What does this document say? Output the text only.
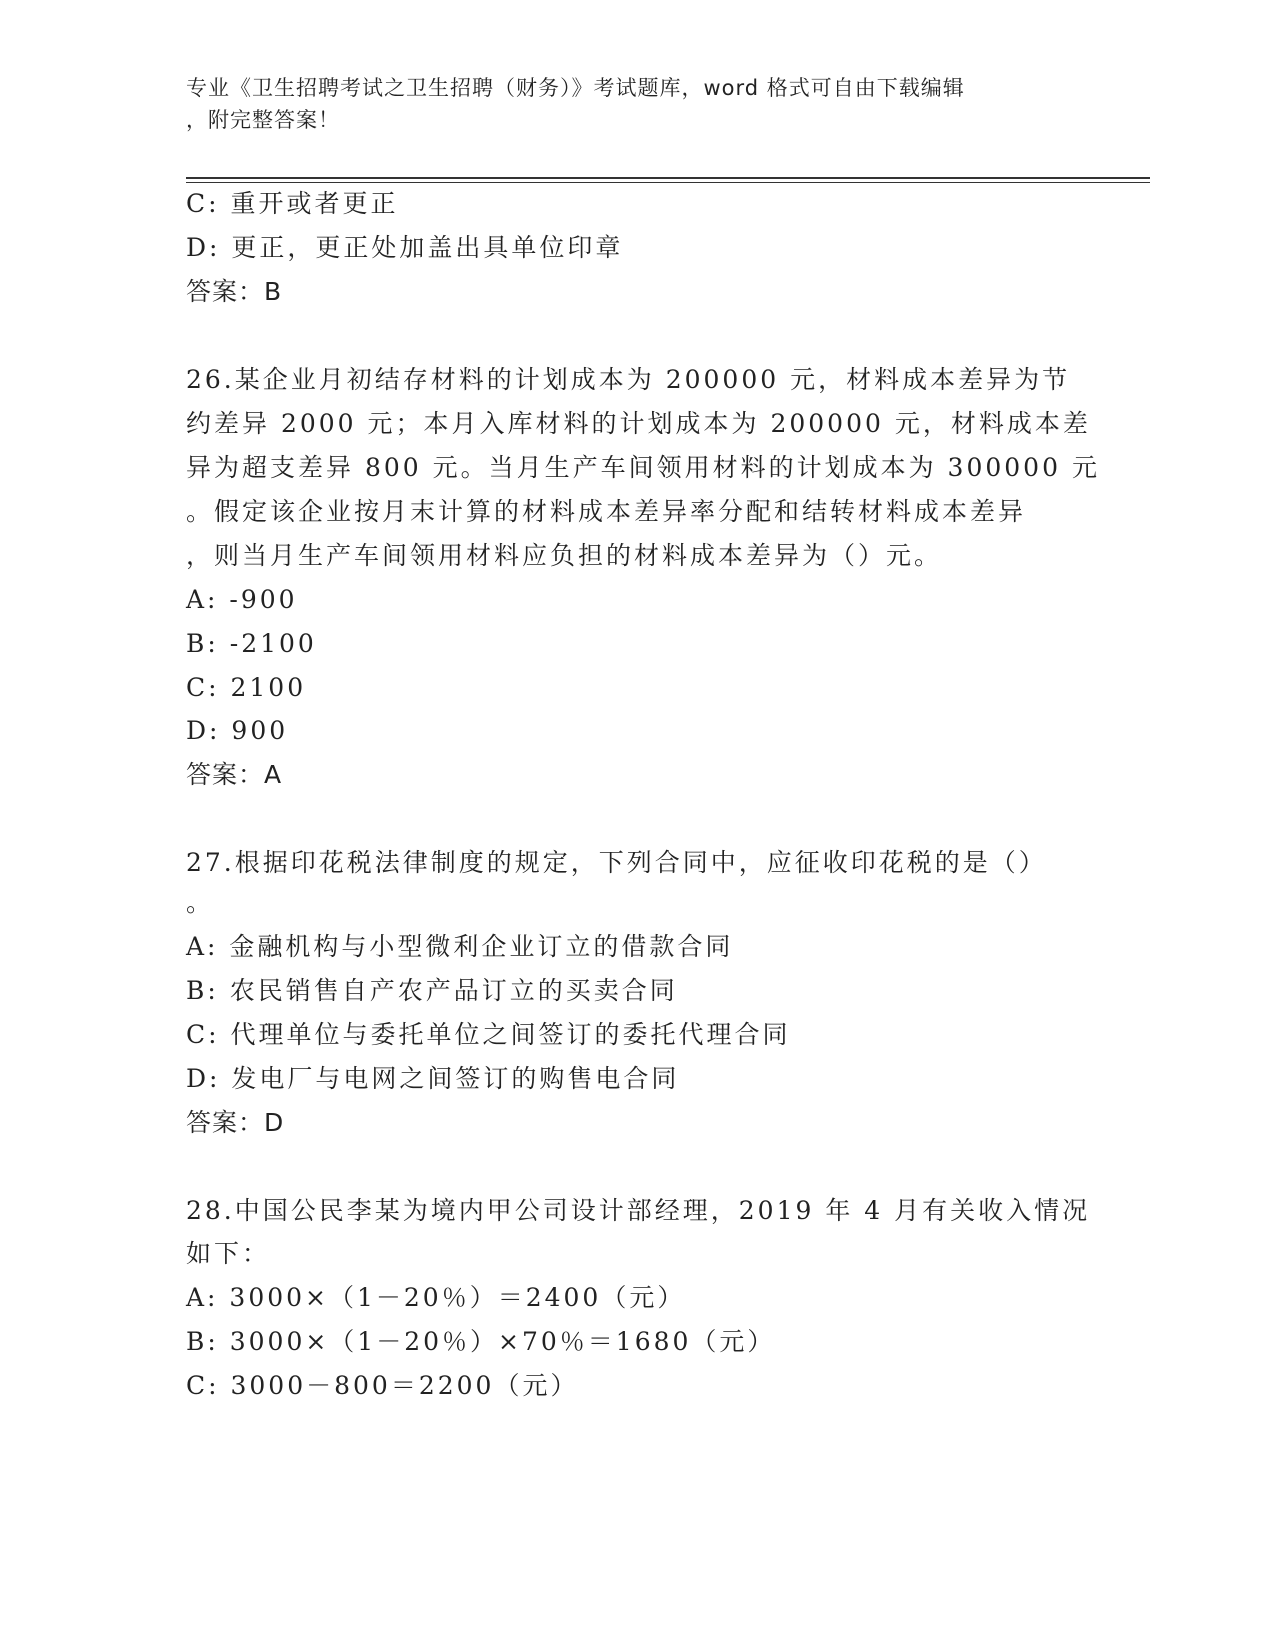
专业《卫生招聘考试之卫生招聘（财务）》考试题库，word 格式可自由下载编辑
，附完整答案！
C: 重开或者更正
D: 更正，更正处加盖出具单位印章
答案：B
26.某企业月初结存材料的计划成本为 200000 元，材料成本差异为节
约差异 2000 元；本月入库材料的计划成本为 200000 元，材料成本差
异为超支差异 800 元。当月生产车间领用材料的计划成本为 300000 元
。假定该企业按月末计算的材料成本差异率分配和结转材料成本差异
，则当月生产车间领用材料应负担的材料成本差异为（）元。
A: -900
B: -2100
C: 2100
D: 900
答案：A
27.根据印花税法律制度的规定，下列合同中，应征收印花税的是（）
。
A: 金融机构与小型微利企业订立的借款合同
B: 农民销售自产农产品订立的买卖合同
C: 代理单位与委托单位之间签订的委托代理合同
D: 发电厂与电网之间签订的购售电合同
答案：D
28.中国公民李某为境内甲公司设计部经理，2019 年 4 月有关收入情况
如下：
A: 3000×（1－20％）＝2400（元）
B: 3000×（1－20％）×70％＝1680（元）
C: 3000－800＝2200（元）
